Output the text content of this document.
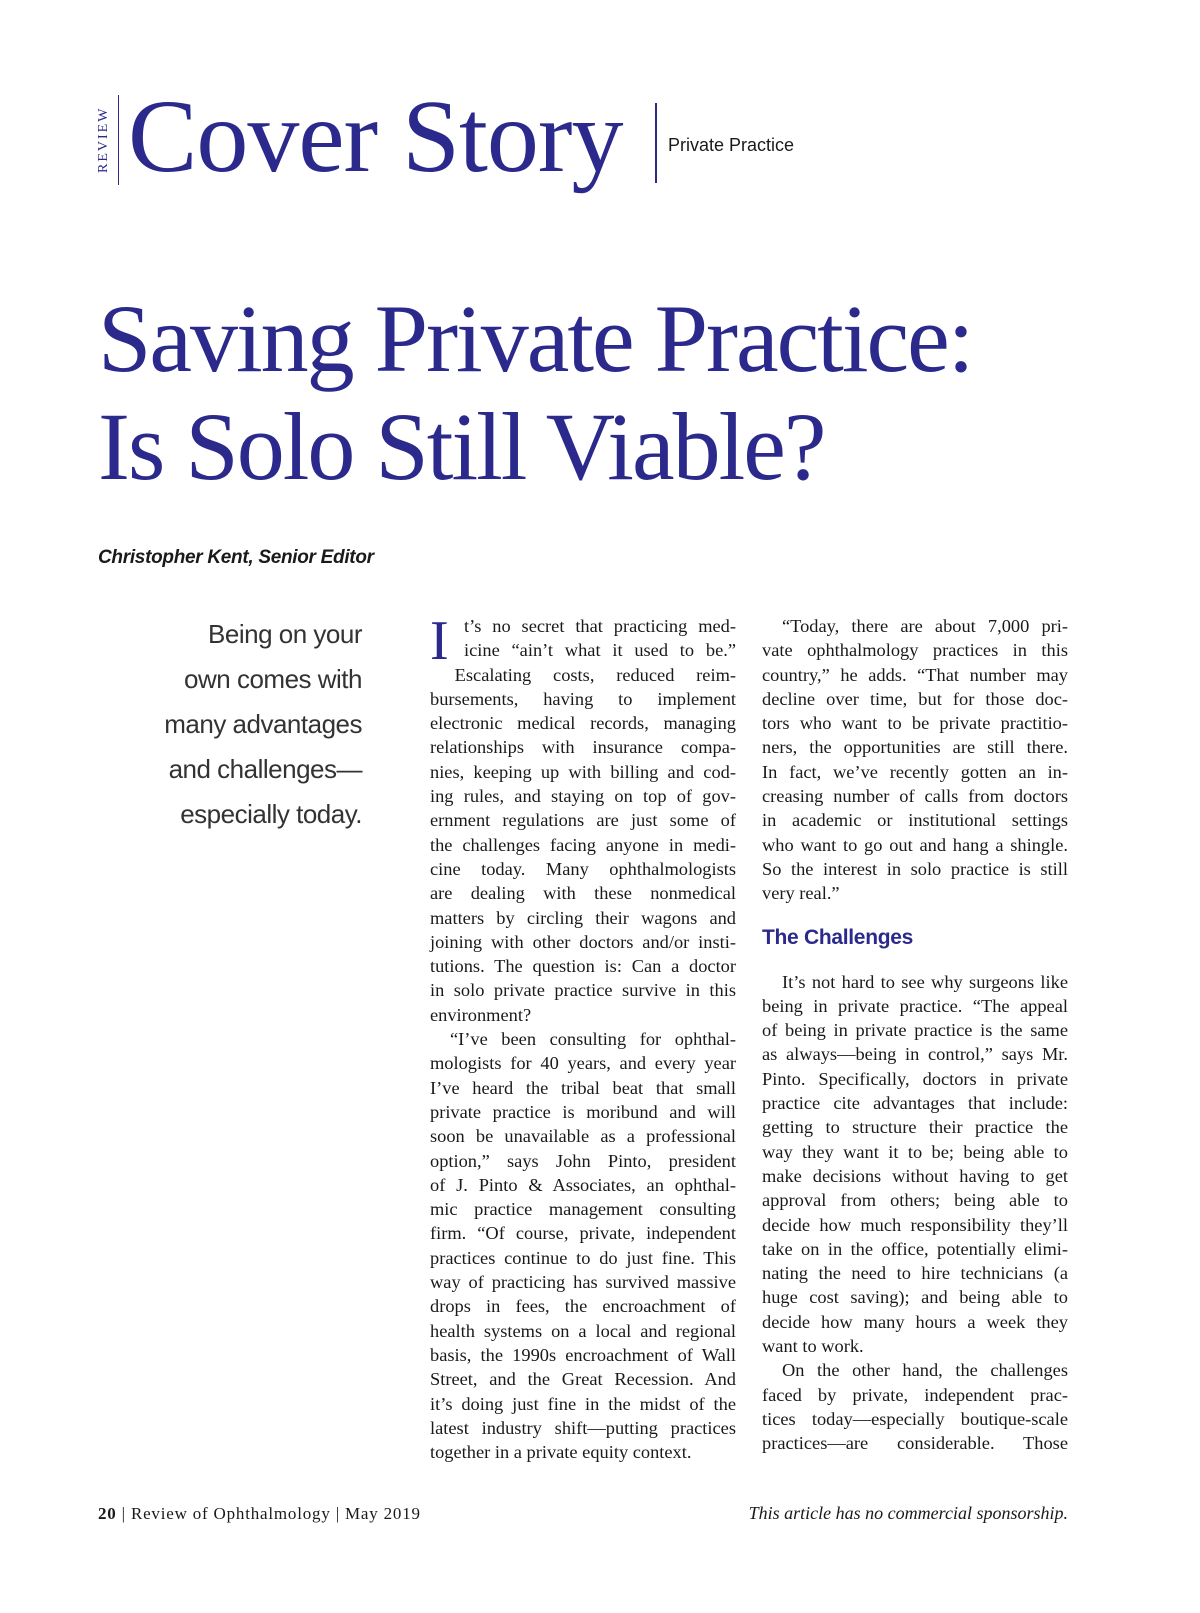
REVIEW Cover Story	Private Practice
Saving Private Practice:
Is Solo Still Viable?
Christopher Kent, Senior Editor
Being on your
own comes with
many advantages
and challenges—
especially today.
I t’s no secret that practicing med-
icine “ain’t what it used to be.”
Escalating costs, reduced reim-
bursements, having to implement
electronic medical records, managing
relationships with insurance compa-
nies, keeping up with billing and cod-
ing rules, and staying on top of gov-
ernment regulations are just some of
the challenges facing anyone in medi-
cine today. Many ophthalmologists
are dealing with these nonmedical
matters by circling their wagons and
joining with other doctors and/or insti-
tutions. The question is: Can a doctor
in solo private practice survive in this
environment?
“I’ve been consulting for ophthal-
mologists for 40 years, and every year
I’ve heard the tribal beat that small
private practice is moribund and will
soon be unavailable as a professional
option,” says John Pinto, president
of J. Pinto & Associates, an ophthal-
mic practice management consulting
firm. “Of course, private, independent
practices continue to do just fine. This
way of practicing has survived massive
drops in fees, the encroachment of
health systems on a local and regional
basis, the 1990s encroachment of Wall
Street, and the Great Recession. And
it’s doing just fine in the midst of the
latest industry shift—putting practices
together in a private equity context.
“Today, there are about 7,000 pri-
vate ophthalmology practices in this
country,” he adds. “That number may
decline over time, but for those doc-
tors who want to be private practitio-
ners, the opportunities are still there.
In fact, we’ve recently gotten an in-
creasing number of calls from doctors
in academic or institutional settings
who want to go out and hang a shingle.
So the interest in solo practice is still
very real.”
The Challenges
It’s not hard to see why surgeons like
being in private practice. “The appeal
of being in private practice is the same
as always—being in control,” says Mr.
Pinto. Specifically, doctors in private
practice cite advantages that include:
getting to structure their practice the
way they want it to be; being able to
make decisions without having to get
approval from others; being able to
decide how much responsibility they’ll
take on in the office, potentially elimi-
nating the need to hire technicians (a
huge cost saving); and being able to
decide how many hours a week they
want to work.
On the other hand, the challenges
faced by private, independent prac-
tices today—especially boutique-scale
practices—are considerable. Those
20 | Review of Ophthalmology | May 2019	This article has no commercial sponsorship.
